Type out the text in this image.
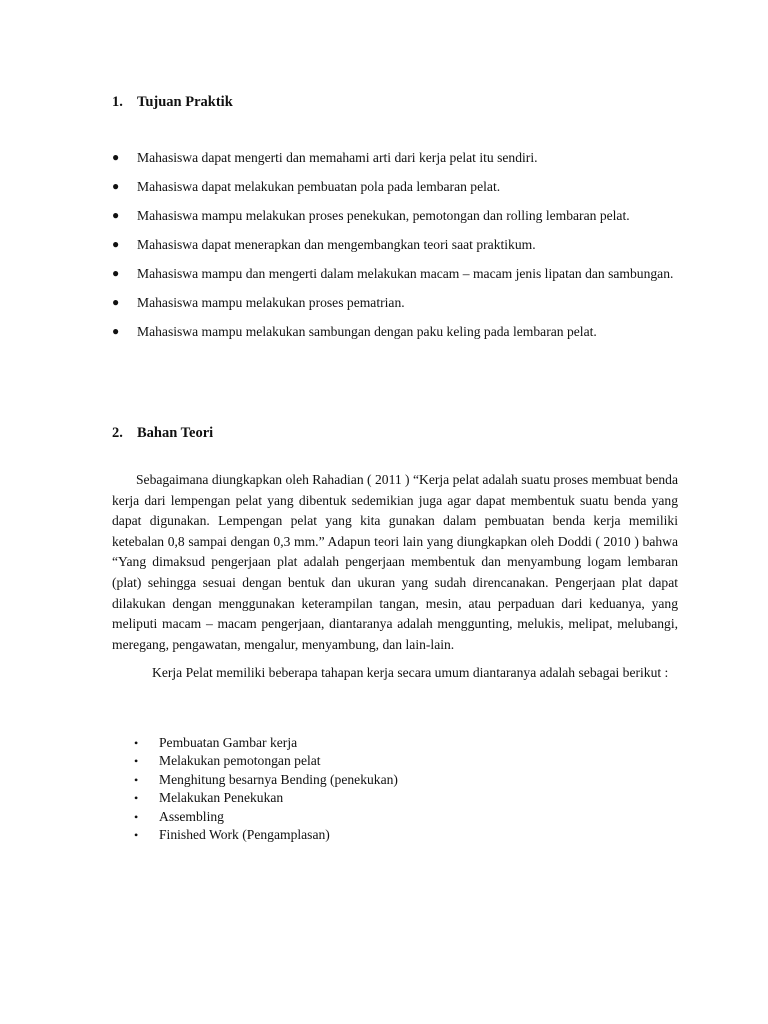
1. Tujuan Praktik
● Mahasiswa dapat mengerti dan memahami arti dari kerja pelat itu sendiri.
● Mahasiswa dapat melakukan pembuatan pola pada lembaran pelat.
● Mahasiswa mampu melakukan proses penekukan, pemotongan dan rolling lembaran pelat.
● Mahasiswa dapat menerapkan dan mengembangkan teori saat praktikum.
● Mahasiswa mampu dan mengerti dalam melakukan macam – macam jenis lipatan dan sambungan.
● Mahasiswa mampu melakukan proses pematrian.
● Mahasiswa mampu melakukan sambungan dengan paku keling pada lembaran pelat.
2. Bahan Teori

Sebagaimana diungkapkan oleh Rahadian ( 2011 ) “Kerja pelat adalah suatu proses membuat benda kerja dari lempengan pelat yang dibentuk sedemikian juga agar dapat membentuk suatu benda yang dapat digunakan. Lempengan pelat yang kita gunakan dalam pembuatan benda kerja memiliki ketebalan 0,8 sampai dengan 0,3 mm.” Adapun teori lain yang diungkapkan oleh Doddi ( 2010 ) bahwa “Yang dimaksud pengerjaan plat adalah pengerjaan membentuk dan menyambung logam lembaran (plat) sehingga sesuai dengan bentuk dan ukuran yang sudah direncanakan. Pengerjaan plat dapat dilakukan dengan menggunakan keterampilan tangan, mesin, atau perpaduan dari keduanya, yang meliputi macam – macam pengerjaan, diantaranya adalah menggunting, melukis, melipat, melubangi, meregang, pengawatan, mengalur, menyambung, dan lain-lain.

Kerja Pelat memiliki beberapa tahapan kerja secara umum diantaranya adalah sebagai berikut :

• Pembuatan Gambar kerja
• Melakukan pemotongan pelat
• Menghitung besarnya Bending (penekukan)
• Melakukan Penekukan
• Assembling
• Finished Work (Pengamplasan)
